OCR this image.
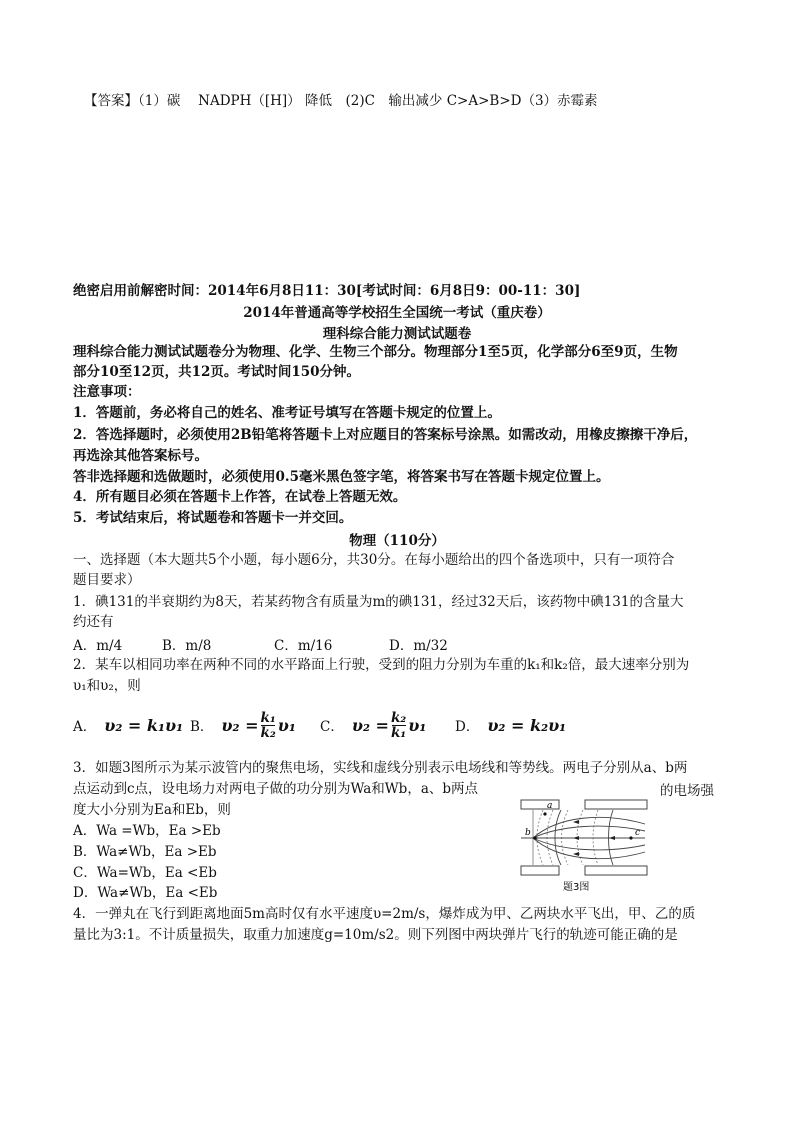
【答案】（1）碳　 NADPH（[H]） 降低　(2)C　输出减少 C>A>B>D（3）赤霉素
绝密启用前解密时间：2014年6月8日11：30[考试时间：6月8日9：00-11：30]
2014年普通高等学校招生全国统一考试（重庆卷）
理科综合能力测试试题卷
理科综合能力测试试题卷分为物理、化学、生物三个部分。物理部分1至5页，化学部分6至9页，生物
部分10至12页，共12页。考试时间150分钟。
注意事项：
1．答题前，务必将自己的姓名、准考证号填写在答题卡规定的位置上。
2．答选择题时，必须使用2B铅笔将答题卡上对应题目的答案标号涂黑。如需改动，用橡皮擦擦干净后，
再选涂其他答案标号。
答非选择题和选做题时，必须使用0.5毫米黑色签字笔，将答案书写在答题卡规定位置上。
4．所有题目必须在答题卡上作答，在试卷上答题无效。
5．考试结束后，将试题卷和答题卡一并交回。
物理（110分）
一、选择题（本大题共5个小题，每小题6分，共30分。在每小题给出的四个备选项中，只有一项符合
题目要求）
1．碘131的半衰期约为8天，若某药物含有质量为m的碘131，经过32天后，该药物中碘131的含量大
约还有
A．m/4	B．m/8	C．m/16	D．m/32
2．某车以相同功率在两种不同的水平路面上行驶，受到的阻力分别为车重的k₁和k₂倍，最大速率分别为
υ₁和υ₂，则
A． υ₂ = k₁υ₁ B． $\upsilon_2 = \frac{\text{k₁}}{\text{k₂}} \upsilon_1$ C． $\upsilon_2 = \frac{\text{k₂}}{\text{k₁}} \upsilon_1$ D． υ₂ = k₂υ₁
3．如题3图所示为某示波管内的聚焦电场，实线和虚线分别表示电场线和等势线。两电子分别从a、b两
点运动到c点，设电场力对两电子做的功分别为Wa和Wb，a、b两点	的电场强
度大小分别为Ea和Eb，则
A．Wa =Wb，Ea >Eb
B．Wa≠Wb，Ea >Eb
C．Wa=Wb，Ea <Eb
D．Wa≠Wb，Ea <Eb
a
b	c
题3图
4．一弹丸在飞行到距离地面5m高时仅有水平速度υ=2m/s，爆炸成为甲、乙两块水平飞出，甲、乙的质
量比为3:1。不计质量损失，取重力加速度g=10m/s2。则下列图中两块弹片飞行的轨迹可能正确的是
